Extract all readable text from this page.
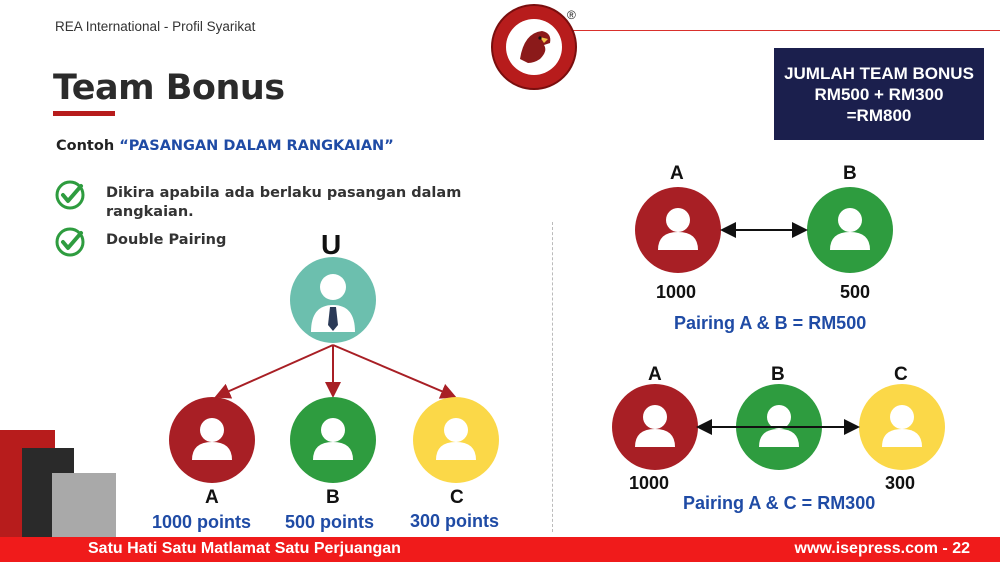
REA International - Profil Syarikat
®
Team Bonus
Contoh “PASANGAN DALAM RANGKAIAN”
Dikira apabila ada berlaku pasangan dalam rangkaian.
Double Pairing
JUMLAH TEAM BONUS
RM500 + RM300
=RM800
U
A	B	C
1000 points 500 points 300 points
A	B
1000	500
Pairing A & B = RM500
A	B	C
1000	300
Pairing A & C = RM300
Satu Hati Satu Matlamat Satu Perjuangan	www.isepress.com - 22
